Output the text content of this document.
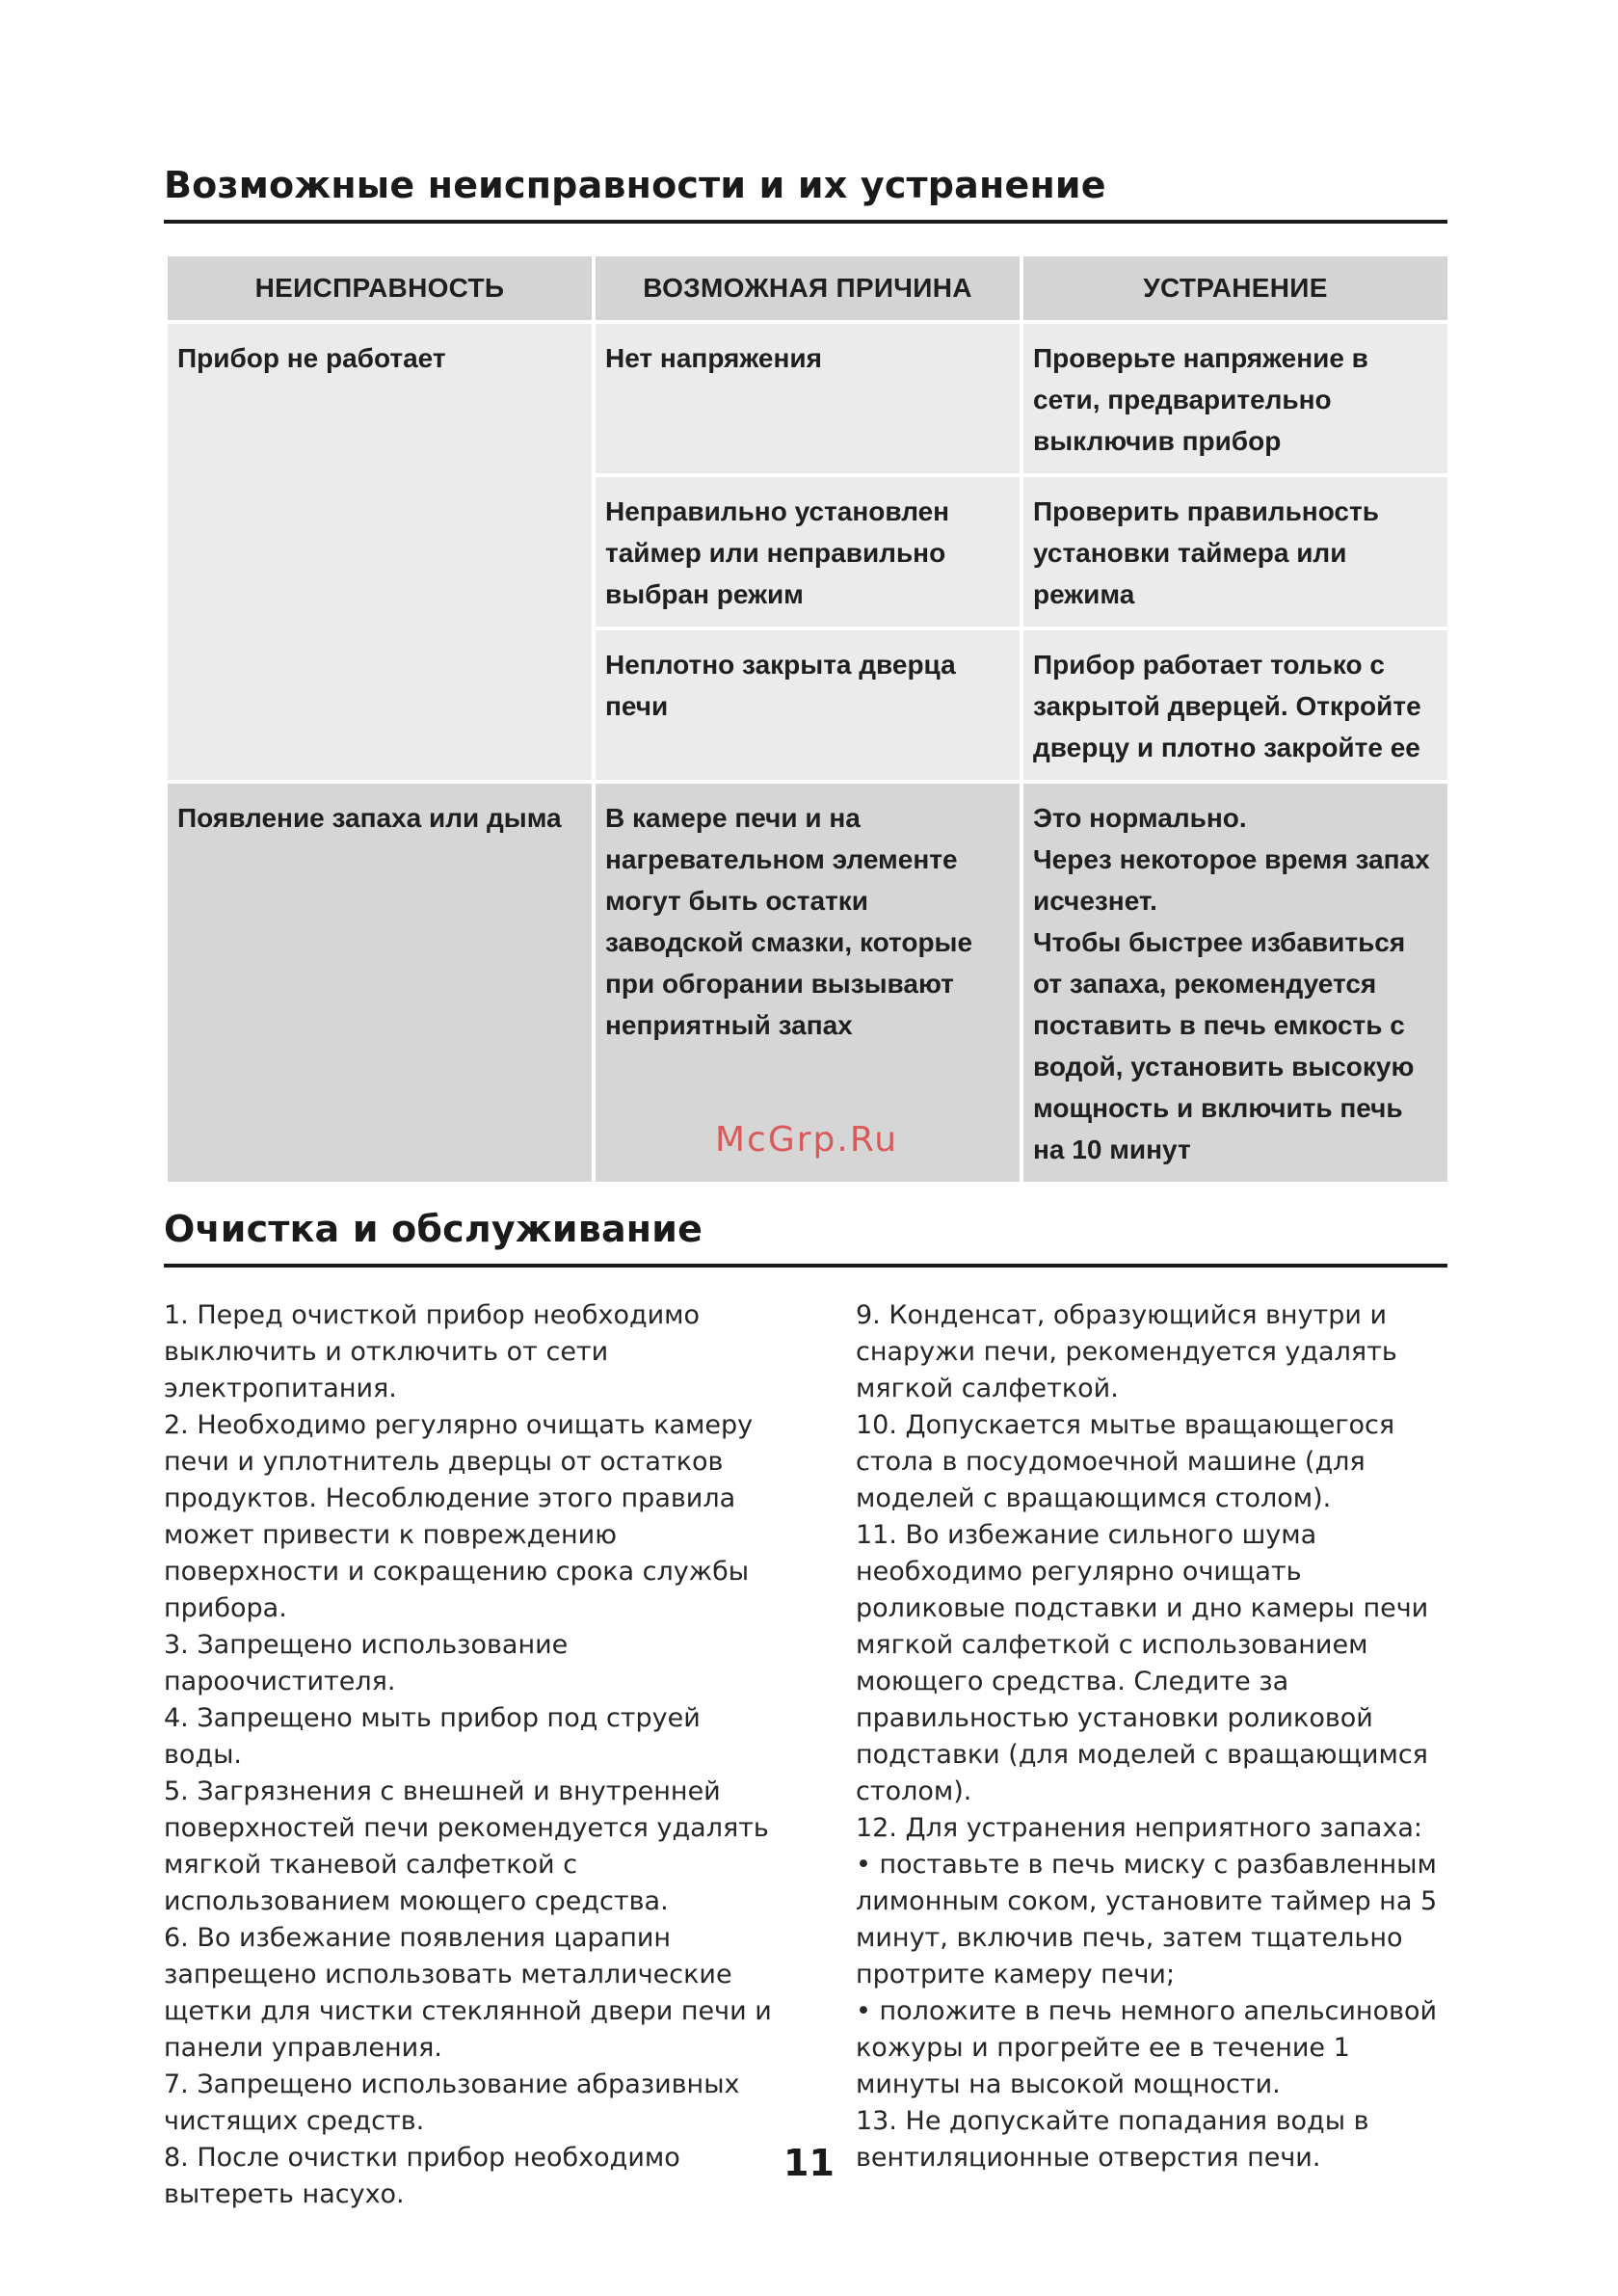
Возможные неисправности и их устранение
НЕИСПРАВНОСТЬ	ВОЗМОЖНАЯ ПРИЧИНА	УСТРАНЕНИЕ
Прибор не работает	Нет напряжения	Проверьте напряжение в сети, предварительно выключив прибор
	Неправильно установлен таймер или неправильно выбран режим	Проверить правильность установки таймера или режима
	Неплотно закрыта дверца печи	Прибор работает только с закрытой дверцей. Откройте дверцу и плотно закройте ее
Появление запаха или дыма	В камере печи и на нагревательном элементе могут быть остатки заводской смазки, которые при обгорании вызывают неприятный запах	Это нормально.
Через некоторое время запах исчезнет.
Чтобы быстрее избавиться от запаха, рекомендуется поставить в печь емкость с водой, установить высокую мощность и включить печь на 10 минут
McGrp.Ru
Очистка и обслуживание

1. Перед очисткой прибор необходимо выключить и отключить от сети электропитания.

2. Необходимо регулярно очищать камеру печи и уплотнитель дверцы от остатков продуктов. Несоблюдение этого правила может привести к повреждению поверхности и сокращению срока службы прибора.

3. Запрещено использование пароочистителя.

4. Запрещено мыть прибор под струей воды.

5. Загрязнения с внешней и внутренней поверхностей печи рекомендуется удалять мягкой тканевой салфеткой с использованием моющего средства.

6. Во избежание появления царапин запрещено использовать металлические щетки для чистки стеклянной двери печи и панели управления.

7. Запрещено использование абразивных чистящих средств.

8. После очистки прибор необходимо вытереть насухо.

9. Конденсат, образующийся внутри и снаружи печи, рекомендуется удалять мягкой салфеткой.

10. Допускается мытье вращающегося стола в посудомоечной машине (для моделей с вращающимся столом).

11. Во избежание сильного шума необходимо регулярно очищать роликовые подставки и дно камеры печи мягкой салфеткой с использованием моющего средства. Следите за правильностью установки роликовой подставки (для моделей с вращающимся столом).

12. Для устранения неприятного запаха:

• поставьте в печь миску с разбавленным лимонным соком, установите таймер на 5 минут, включив печь, затем тщательно протрите камеру печи;

• положите в печь немного апельсиновой кожуры и прогрейте ее в течение 1 минуты на высокой мощности.

13. Не допускайте попадания воды в вентиляционные отверстия печи.

11
